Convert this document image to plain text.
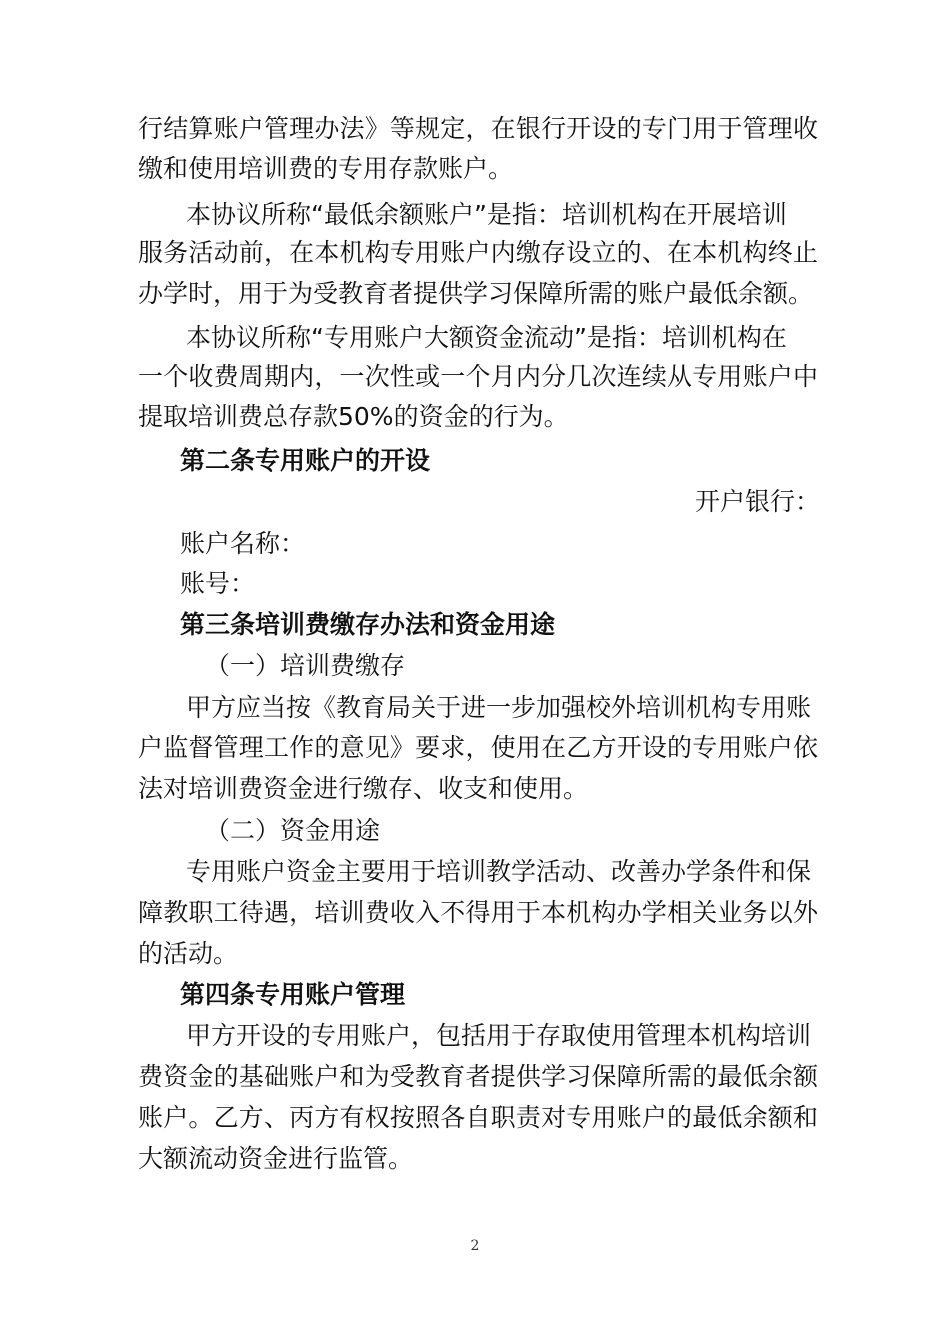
行结算账户管理办法》等规定，在银行开设的专门用于管理收
缴和使用培训费的专用存款账户。
本协议所称“最低余额账户”是指：培训机构在开展培训
服务活动前，在本机构专用账户内缴存设立的、在本机构终止
办学时，用于为受教育者提供学习保障所需的账户最低余额。
本协议所称“专用账户大额资金流动”是指：培训机构在
一个收费周期内，一次性或一个月内分几次连续从专用账户中
提取培训费总存款50%的资金的行为。
第二条专用账户的开设
开户银行：
账户名称：
账号：
第三条培训费缴存办法和资金用途
（一）培训费缴存
甲方应当按《教育局关于进一步加强校外培训机构专用账
户监督管理工作的意见》要求，使用在乙方开设的专用账户依
法对培训费资金进行缴存、收支和使用。
（二）资金用途
专用账户资金主要用于培训教学活动、改善办学条件和保
障教职工待遇，培训费收入不得用于本机构办学相关业务以外
的活动。
第四条专用账户管理
甲方开设的专用账户，包括用于存取使用管理本机构培训
费资金的基础账户和为受教育者提供学习保障所需的最低余额
账户。乙方、丙方有权按照各自职责对专用账户的最低余额和
大额流动资金进行监管。
2
